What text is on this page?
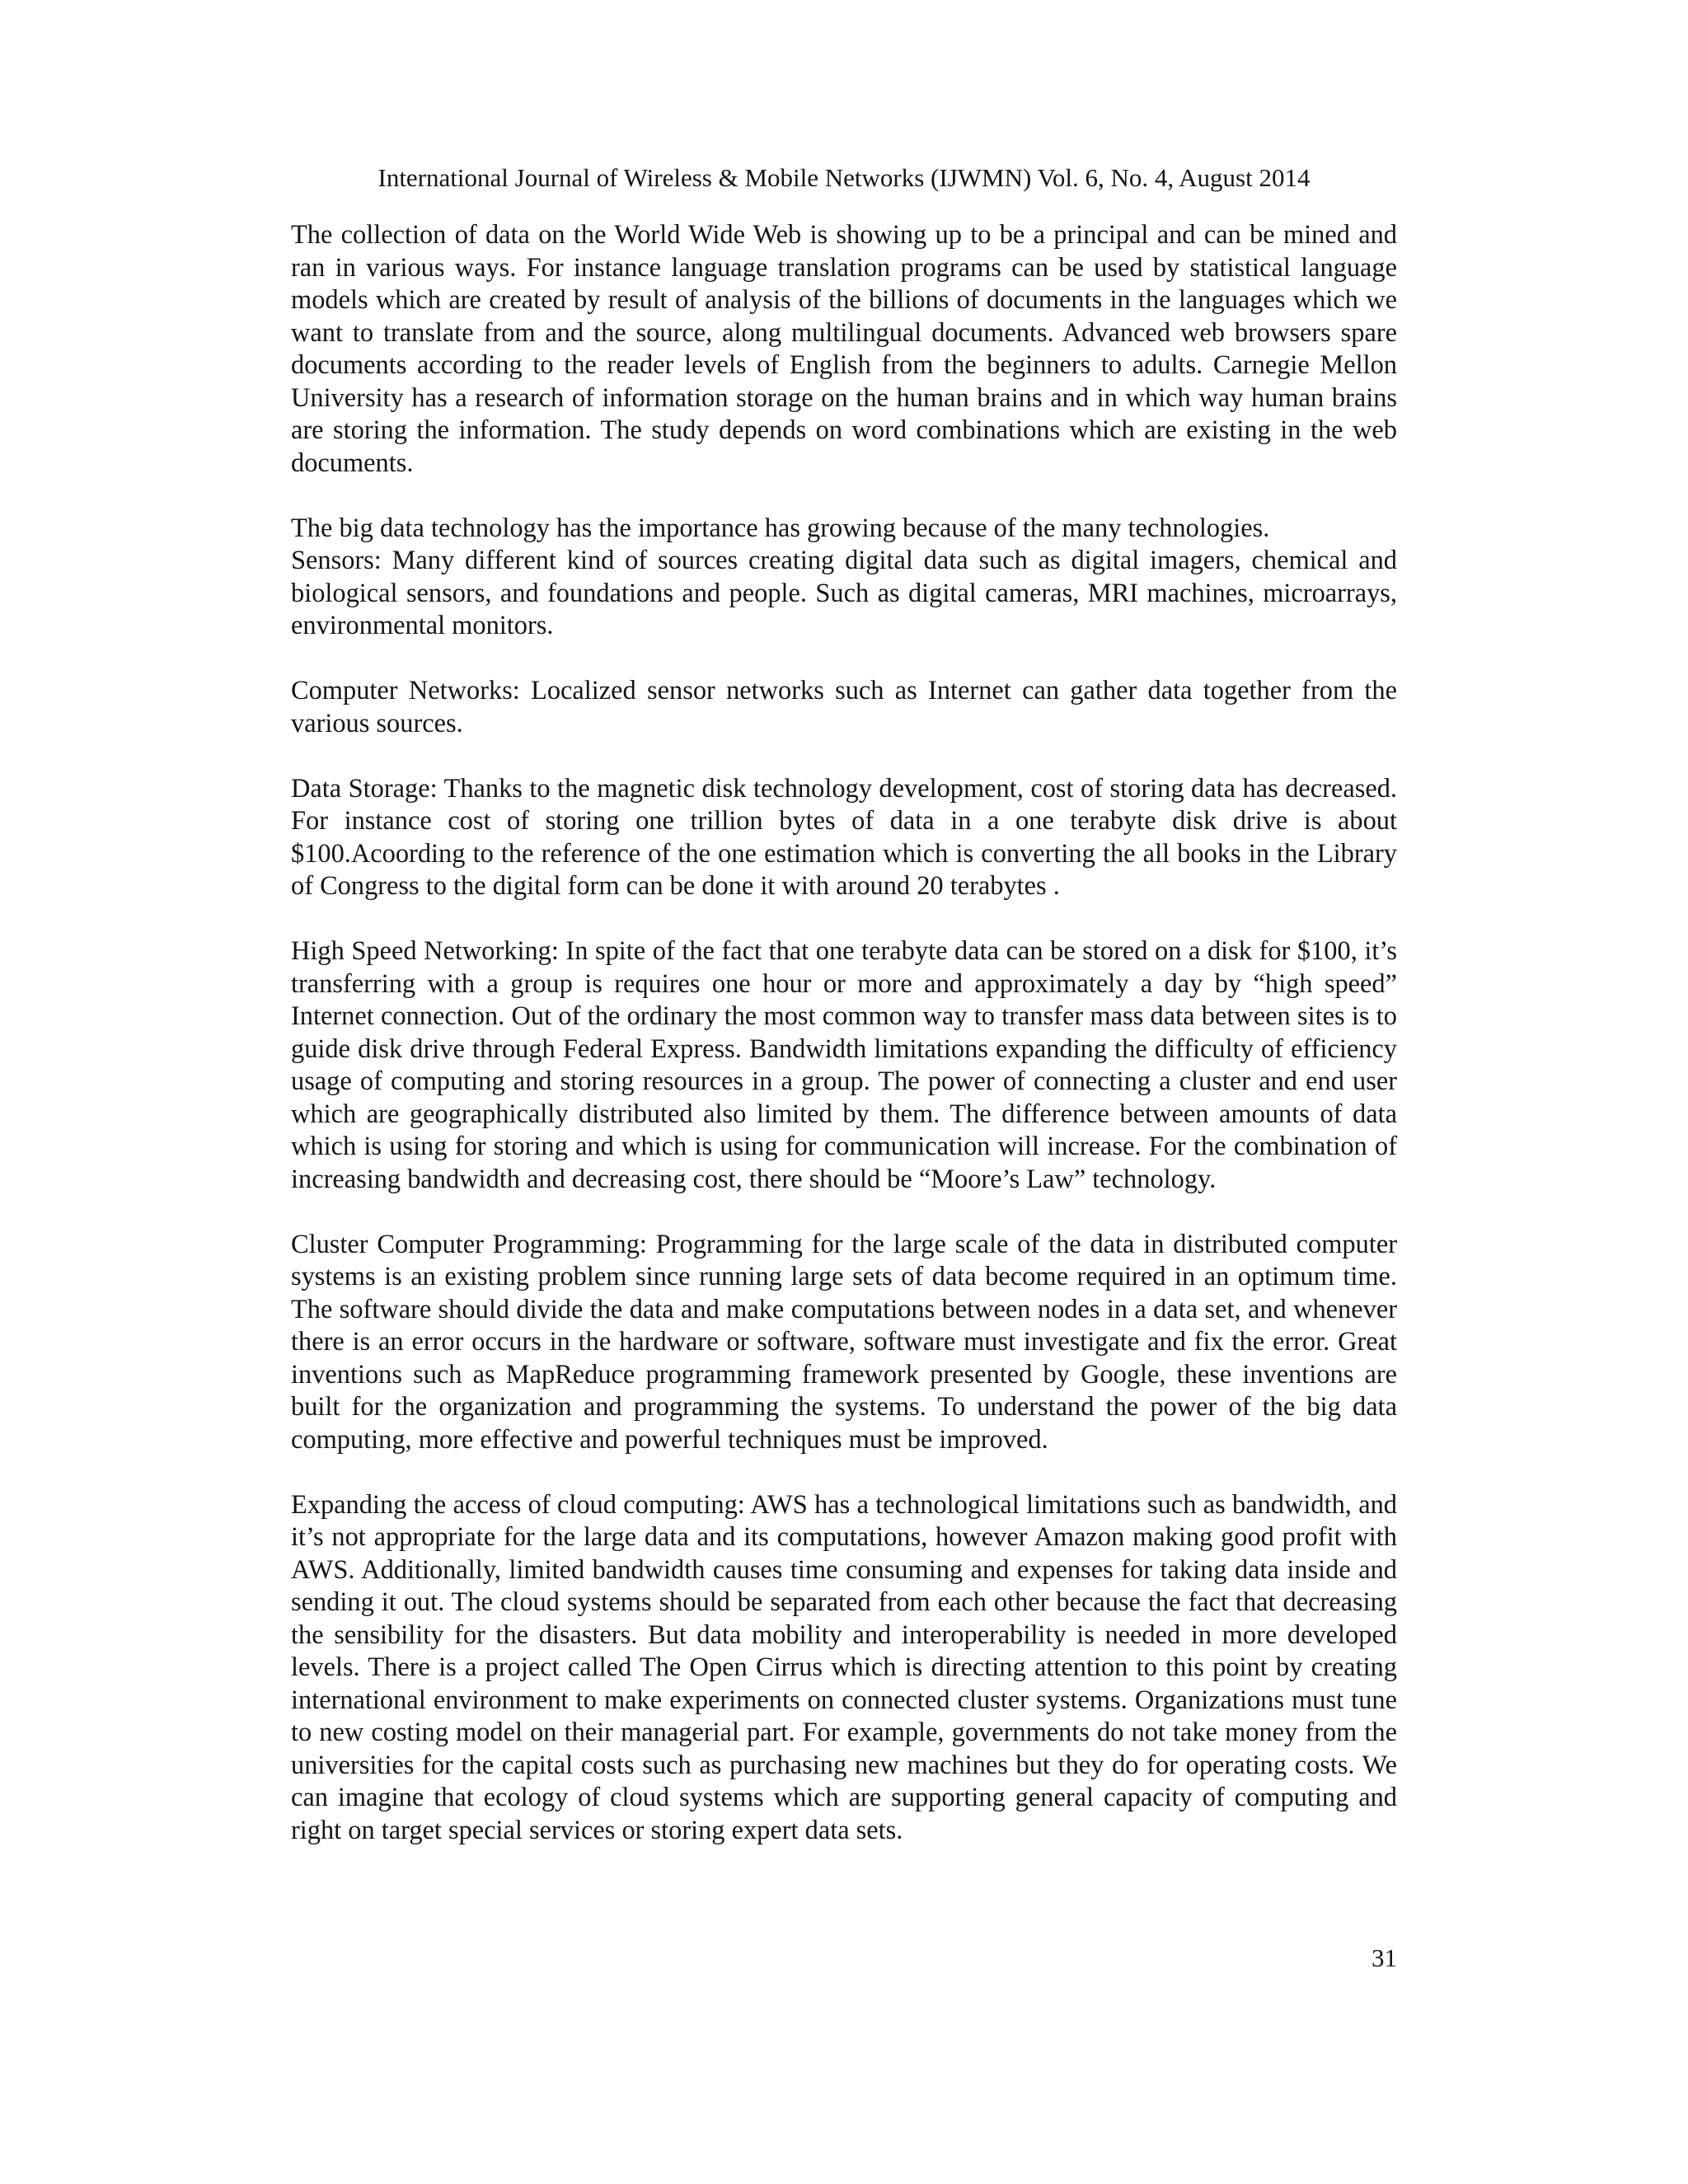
International Journal of Wireless & Mobile Networks (IJWMN) Vol. 6, No. 4, August 2014

The collection of data on the World Wide Web is showing up to be a principal and can be mined and ran in various ways. For instance language translation programs can be used by statistical language models which are created by result of analysis of the billions of documents in the languages which we want to translate from and the source, along multilingual documents. Advanced web browsers spare documents according to the reader levels of English from the beginners to adults. Carnegie Mellon University has a research of information storage on the human brains and in which way human brains are storing the information. The study depends on word combinations which are existing in the web documents.

The big data technology has the importance has growing because of the many technologies.

Sensors: Many different kind of sources creating digital data such as digital imagers, chemical and biological sensors, and foundations and people. Such as digital cameras, MRI machines, microarrays, environmental monitors.

Computer Networks: Localized sensor networks such as Internet can gather data together from the various sources.

Data Storage: Thanks to the magnetic disk technology development, cost of storing data has decreased. For instance cost of storing one trillion bytes of data in a one terabyte disk drive is about $100.Acoording to the reference of the one estimation which is converting the all books in the Library of Congress to the digital form can be done it with around 20 terabytes .

High Speed Networking: In spite of the fact that one terabyte data can be stored on a disk for $100, it’s transferring with a group is requires one hour or more and approximately a day by “high speed” Internet connection. Out of the ordinary the most common way to transfer mass data between sites is to guide disk drive through Federal Express. Bandwidth limitations expanding the difficulty of efficiency usage of computing and storing resources in a group. The power of connecting a cluster and end user which are geographically distributed also limited by them. The difference between amounts of data which is using for storing and which is using for communication will increase. For the combination of increasing bandwidth and decreasing cost, there should be “Moore’s Law” technology.

Cluster Computer Programming: Programming for the large scale of the data in distributed computer systems is an existing problem since running large sets of data become required in an optimum time. The software should divide the data and make computations between nodes in a data set, and whenever there is an error occurs in the hardware or software, software must investigate and fix the error. Great inventions such as MapReduce programming framework presented by Google, these inventions are built for the organization and programming the systems. To understand the power of the big data computing, more effective and powerful techniques must be improved.

Expanding the access of cloud computing: AWS has a technological limitations such as bandwidth, and it’s not appropriate for the large data and its computations, however Amazon making good profit with AWS. Additionally, limited bandwidth causes time consuming and expenses for taking data inside and sending it out. The cloud systems should be separated from each other because the fact that decreasing the sensibility for the disasters. But data mobility and interoperability is needed in more developed levels. There is a project called The Open Cirrus which is directing attention to this point by creating international environment to make experiments on connected cluster systems. Organizations must tune to new costing model on their managerial part. For example, governments do not take money from the universities for the capital costs such as purchasing new machines but they do for operating costs. We can imagine that ecology of cloud systems which are supporting general capacity of computing and right on target special services or storing expert data sets.

31
